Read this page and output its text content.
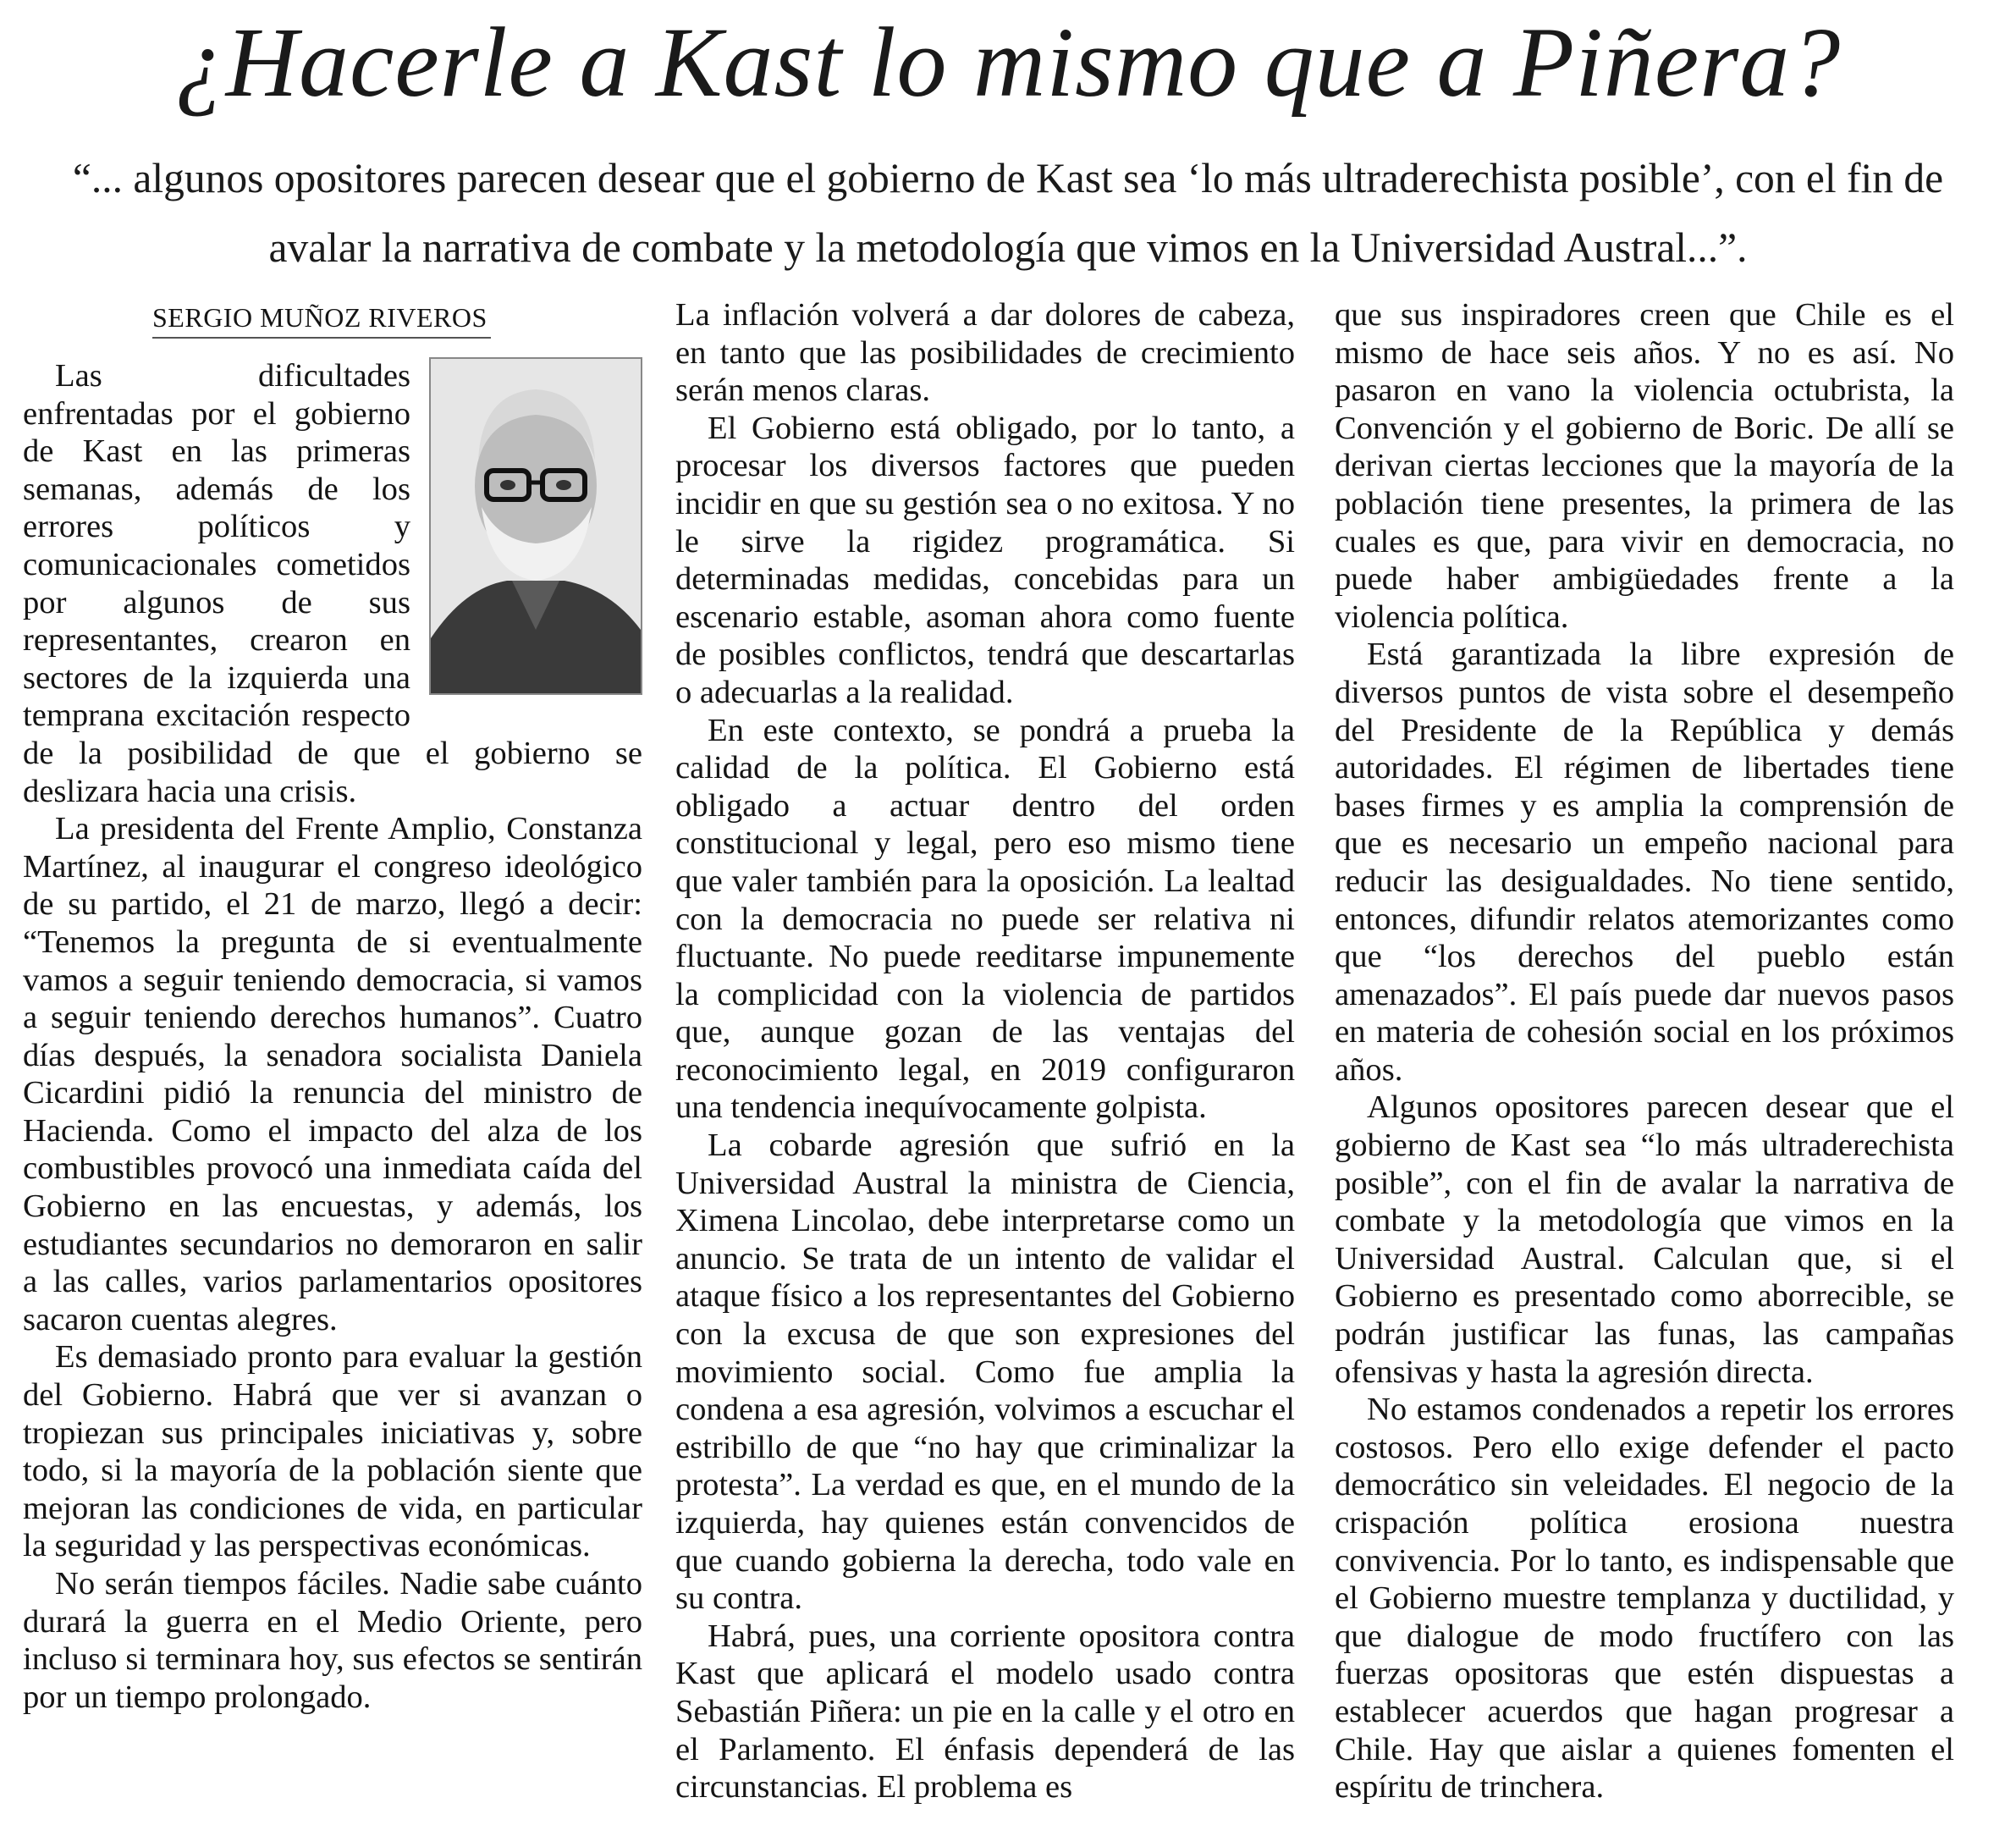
¿Hacerle a Kast lo mismo que a Piñera?

“... algunos opositores parecen desear que el gobierno de Kast sea ‘lo más ultraderechista posible’, con el fin de avalar la narrativa de combate y la metodología que vimos en la Universidad Austral...”.

SERGIO MUÑOZ RIVEROS

Las dificultades enfrentadas por el gobierno de Kast en las primeras semanas, además de los errores políticos y comunicacionales cometidos por algunos de sus representantes, crearon en sectores de la izquierda una temprana excitación respecto de la posibilidad de que el gobierno se deslizara hacia una crisis.

La presidenta del Frente Amplio, Constanza Martínez, al inaugurar el congreso ideológico de su partido, el 21 de marzo, llegó a decir: “Tenemos la pregunta de si eventualmente vamos a seguir teniendo democracia, si vamos a seguir teniendo derechos humanos”. Cuatro días después, la senadora socialista Daniela Cicardini pidió la renuncia del ministro de Hacienda. Como el impacto del alza de los combustibles provocó una inmediata caída del Gobierno en las encuestas, y además, los estudiantes secundarios no demoraron en salir a las calles, varios parlamentarios opositores sacaron cuentas alegres.

Es demasiado pronto para evaluar la gestión del Gobierno. Habrá que ver si avanzan o tropiezan sus principales iniciativas y, sobre todo, si la mayoría de la población siente que mejoran las condiciones de vida, en particular la seguridad y las perspectivas económicas.

No serán tiempos fáciles. Nadie sabe cuánto durará la guerra en el Medio Oriente, pero incluso si terminara hoy, sus efectos se sentirán por un tiempo prolongado.

La inflación volverá a dar dolores de cabeza, en tanto que las posibilidades de crecimiento serán menos claras.

El Gobierno está obligado, por lo tanto, a procesar los diversos factores que pueden incidir en que su gestión sea o no exitosa. Y no le sirve la rigidez programática. Si determinadas medidas, concebidas para un escenario estable, asoman ahora como fuente de posibles conflictos, tendrá que descartarlas o adecuarlas a la realidad.

En este contexto, se pondrá a prueba la calidad de la política. El Gobierno está obligado a actuar dentro del orden constitucional y legal, pero eso mismo tiene que valer también para la oposición. La lealtad con la democracia no puede ser relativa ni fluctuante. No puede reeditarse impunemente la complicidad con la violencia de partidos que, aunque gozan de las ventajas del reconocimiento legal, en 2019 configuraron una tendencia inequívocamente golpista.

La cobarde agresión que sufrió en la Universidad Austral la ministra de Ciencia, Ximena Lincolao, debe interpretarse como un anuncio. Se trata de un intento de validar el ataque físico a los representantes del Gobierno con la excusa de que son expresiones del movimiento social. Como fue amplia la condena a esa agresión, volvimos a escuchar el estribillo de que “no hay que criminalizar la protesta”. La verdad es que, en el mundo de la izquierda, hay quienes están convencidos de que cuando gobierna la derecha, todo vale en su contra.

Habrá, pues, una corriente opositora contra Kast que aplicará el modelo usado contra Sebastián Piñera: un pie en la calle y el otro en el Parlamento. El énfasis dependerá de las circunstancias. El problema es

que sus inspiradores creen que Chile es el mismo de hace seis años. Y no es así. No pasaron en vano la violencia octubrista, la Convención y el gobierno de Boric. De allí se derivan ciertas lecciones que la mayoría de la población tiene presentes, la primera de las cuales es que, para vivir en democracia, no puede haber ambigüedades frente a la violencia política.

Está garantizada la libre expresión de diversos puntos de vista sobre el desempeño del Presidente de la República y demás autoridades. El régimen de libertades tiene bases firmes y es amplia la comprensión de que es necesario un empeño nacional para reducir las desigualdades. No tiene sentido, entonces, difundir relatos atemorizantes como que “los derechos del pueblo están amenazados”. El país puede dar nuevos pasos en materia de cohesión social en los próximos años.

Algunos opositores parecen desear que el gobierno de Kast sea “lo más ultraderechista posible”, con el fin de avalar la narrativa de combate y la metodología que vimos en la Universidad Austral. Calculan que, si el Gobierno es presentado como aborrecible, se podrán justificar las funas, las campañas ofensivas y hasta la agresión directa.

No estamos condenados a repetir los errores costosos. Pero ello exige defender el pacto democrático sin veleidades. El negocio de la crispación política erosiona nuestra convivencia. Por lo tanto, es indispensable que el Gobierno muestre templanza y ductilidad, y que dialogue de modo fructífero con las fuerzas opositoras que estén dispuestas a establecer acuerdos que hagan progresar a Chile. Hay que aislar a quienes fomenten el espíritu de trinchera.
